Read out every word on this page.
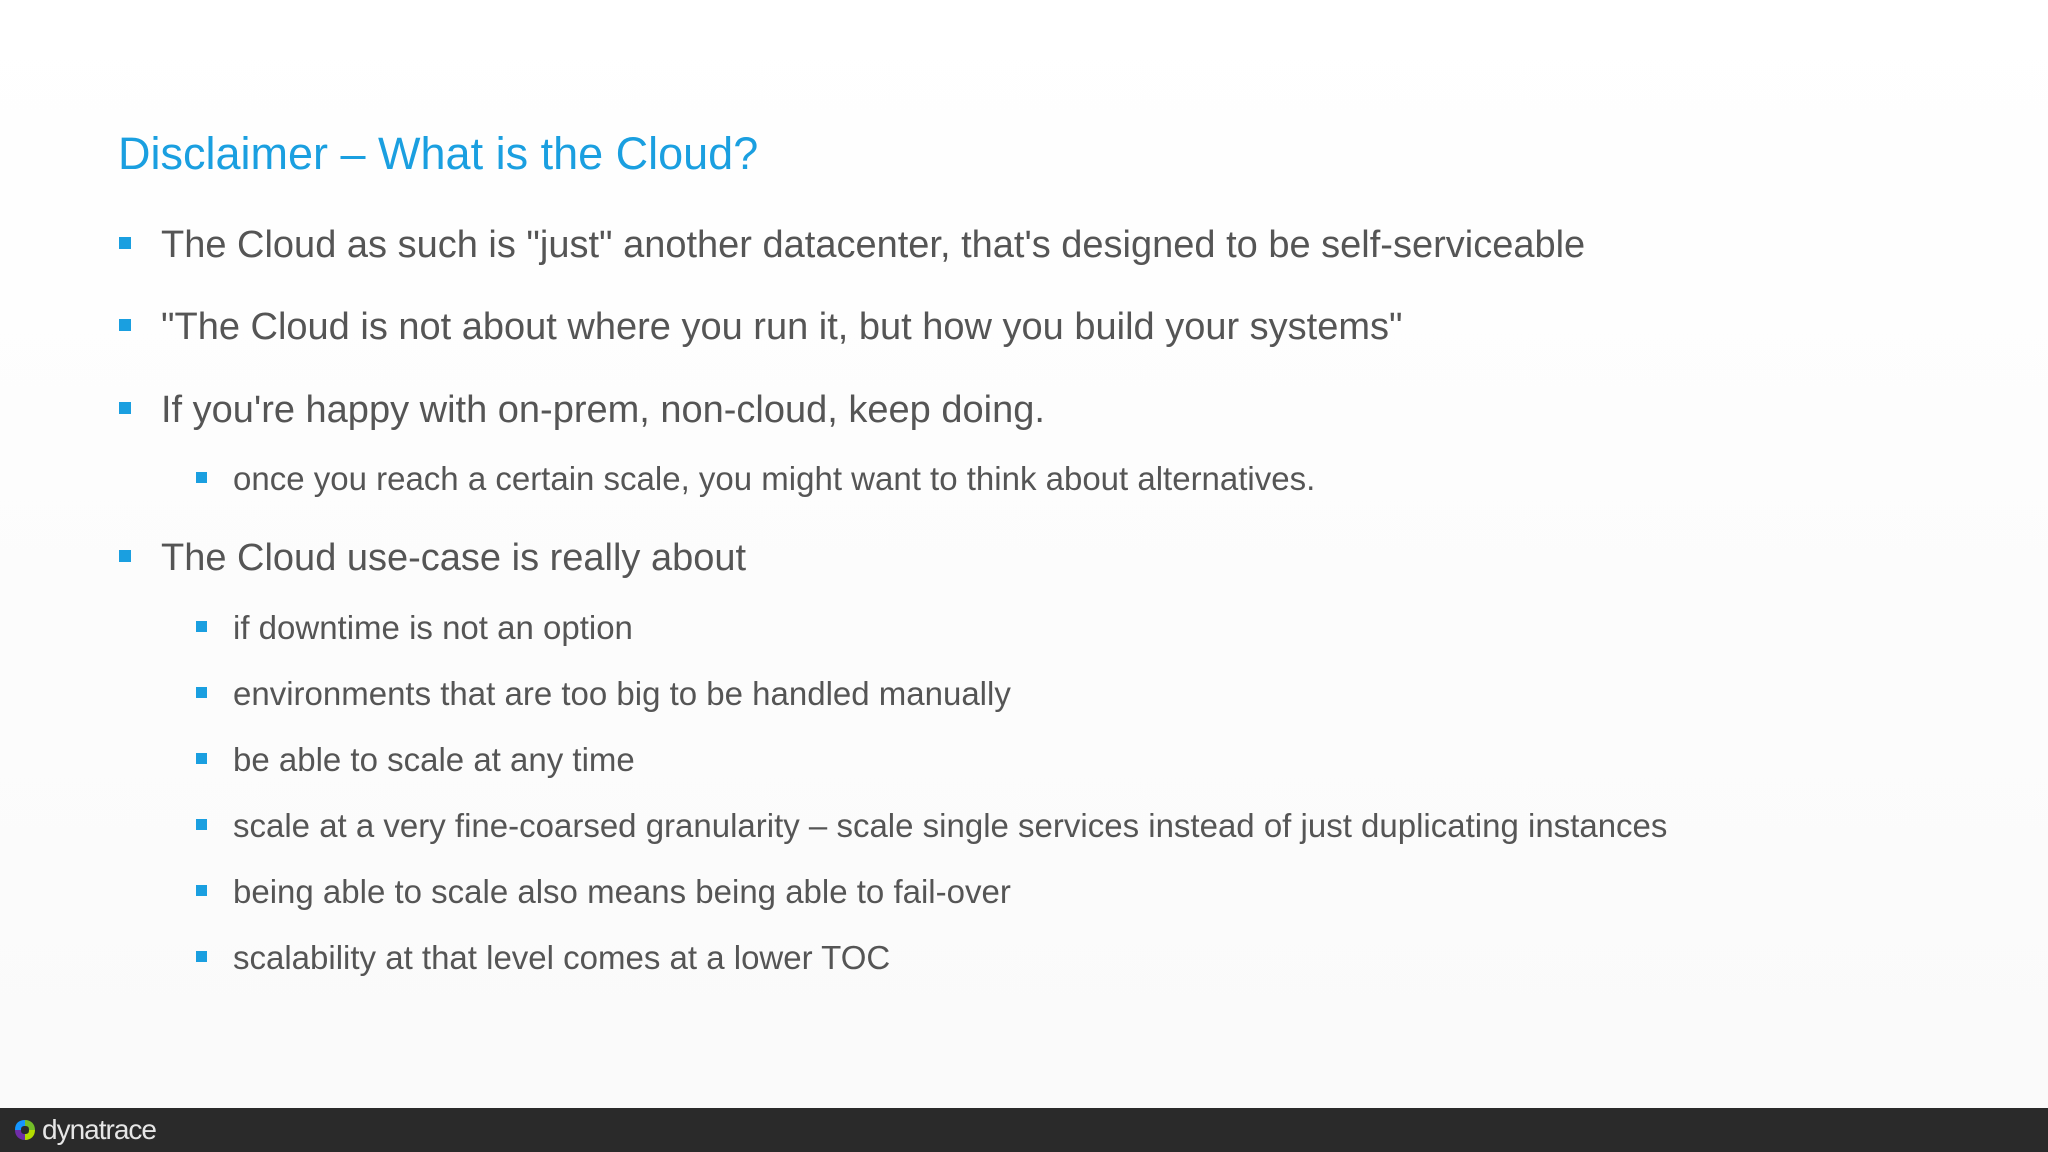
Disclaimer – What is the Cloud?
The Cloud as such is "just" another datacenter, that's designed to be self-serviceable
"The Cloud is not about where you run it, but how you build your systems"
If you're happy with on-prem, non-cloud, keep doing.
once you reach a certain scale, you might want to think about alternatives.
The Cloud use-case is really about
if downtime is not an option
environments that are too big to be handled manually
be able to scale at any time
scale at a very fine-coarsed granularity – scale single services instead of just duplicating instances
being able to scale also means being able to fail-over
scalability at that level comes at a lower TOC
dynatrace
